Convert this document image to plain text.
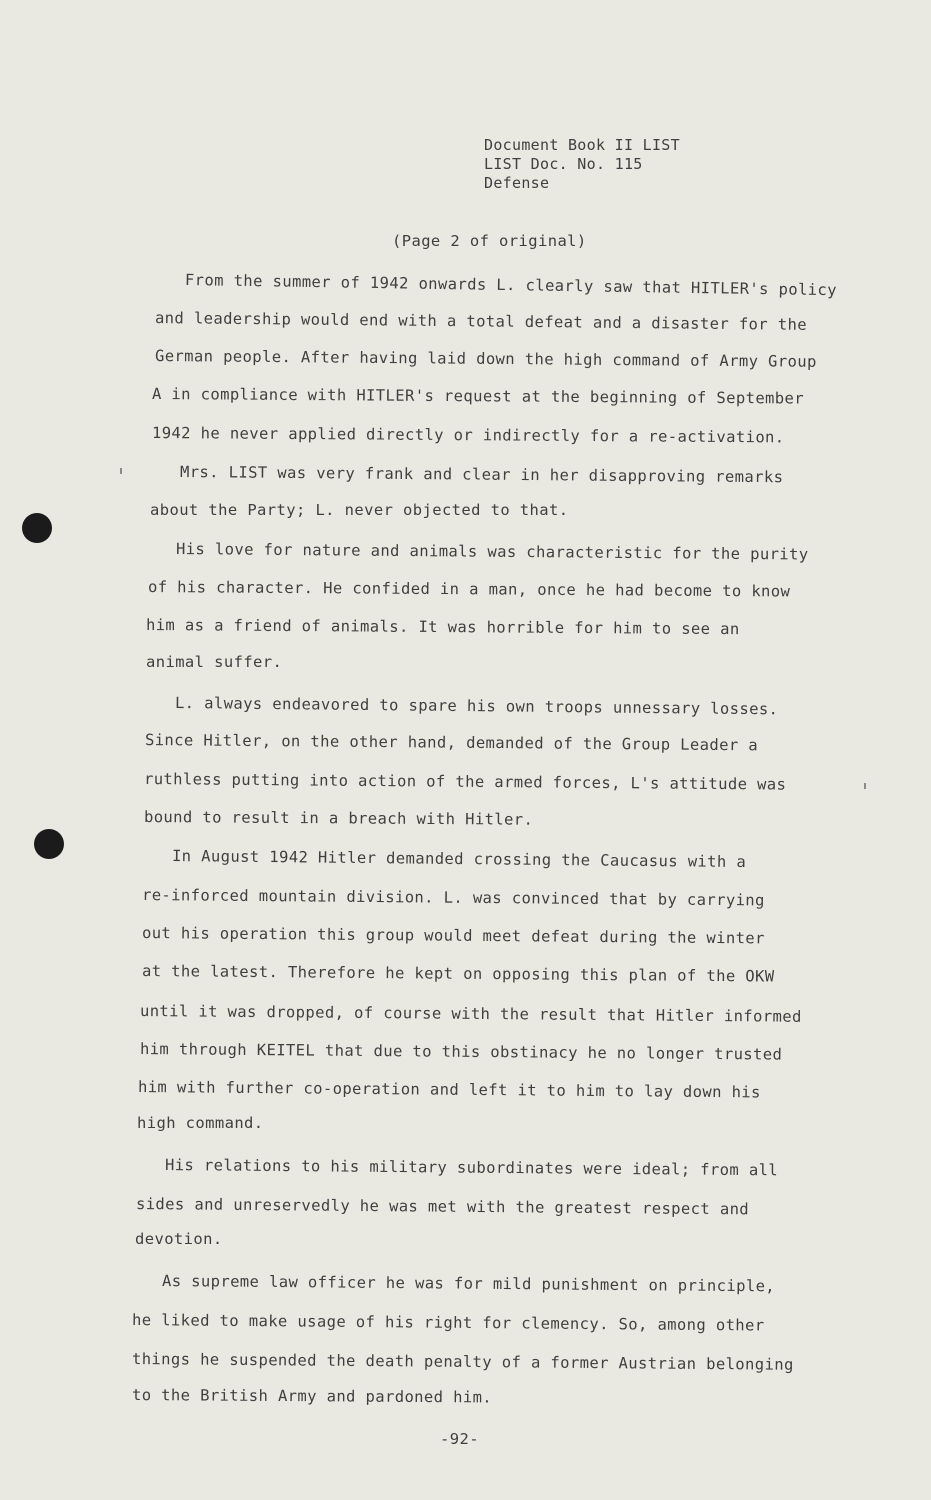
Document Book II LIST
LIST Doc. No. 115
Defense
(Page 2 of original)
From the summer of 1942 onwards L. clearly saw that HITLER's policy
and leadership would end with a total defeat and a disaster for the
German people. After having laid down the high command of Army Group
A in compliance with HITLER's request at the beginning of September
1942 he never applied directly or indirectly for a re-activation.
Mrs. LIST was very frank and clear in her disapproving remarks
about the Party; L. never objected to that.
His love for nature and animals was characteristic for the purity
of his character. He confided in a man, once he had become to know
him as a friend of animals. It was horrible for him to see an
animal suffer.
L. always endeavored to spare his own troops unnessary losses.
Since Hitler, on the other hand, demanded of the Group Leader a
ruthless putting into action of the armed forces, L's attitude was
bound to result in a breach with Hitler.
In August 1942 Hitler demanded crossing the Caucasus with a
re-inforced mountain division. L. was convinced that by carrying
out his operation this group would meet defeat during the winter
at the latest. Therefore he kept on opposing this plan of the OKW
until it was dropped, of course with the result that Hitler informed
him through KEITEL that due to this obstinacy he no longer trusted
him with further co-operation and left it to him to lay down his
high command.
His relations to his military subordinates were ideal; from all
sides and unreservedly he was met with the greatest respect and
devotion.
As supreme law officer he was for mild punishment on principle,
he liked to make usage of his right for clemency. So, among other
things he suspended the death penalty of a former Austrian belonging
to the British Army and pardoned him.
-92-
